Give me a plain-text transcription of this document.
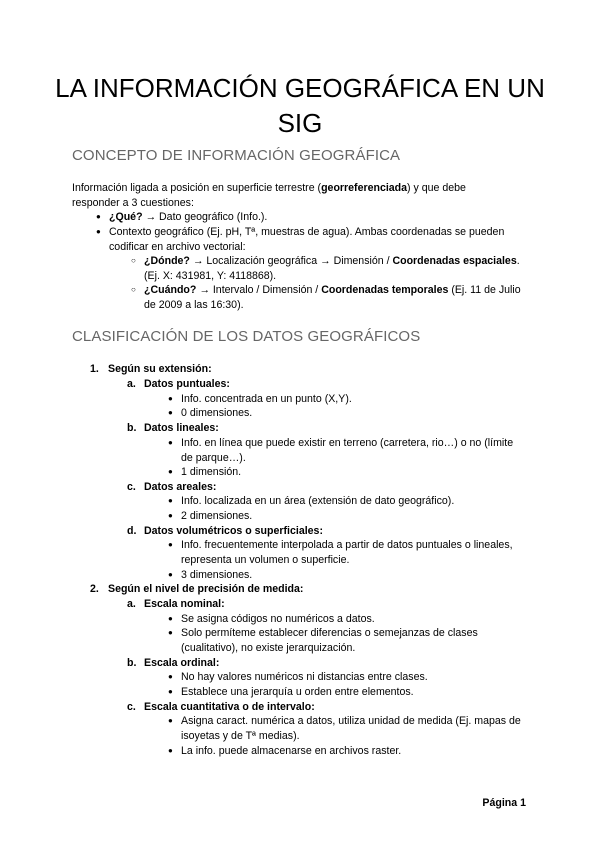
LA INFORMACIÓN GEOGRÁFICA EN UN SIG
CONCEPTO DE INFORMACIÓN GEOGRÁFICA
Información ligada a posición en superficie terrestre (georreferenciada) y que debe responder a 3 cuestiones:
● ¿Qué? → Dato geográfico (Info.).
● Contexto geográfico (Ej. pH, Tª, muestras de agua). Ambas coordenadas se pueden codificar en archivo vectorial:
○ ¿Dónde? → Localización geográfica → Dimensión / Coordenadas espaciales. (Ej. X: 431981, Y: 4118868).
○ ¿Cuándo? → Intervalo / Dimensión / Coordenadas temporales (Ej. 11 de Julio de 2009 a las 16:30).
CLASIFICACIÓN DE LOS DATOS GEOGRÁFICOS
1. Según su extensión:
a. Datos puntuales:
● Info. concentrada en un punto (X,Y).
● 0 dimensiones.
b. Datos lineales:
● Info. en línea que puede existir en terreno (carretera, rio…) o no (límite de parque…).
● 1 dimensión.
c. Datos areales:
● Info. localizada en un área (extensión de dato geográfico).
● 2 dimensiones.
d. Datos volumétricos o superficiales:
● Info. frecuentemente interpolada a partir de datos puntuales o lineales, representa un volumen o superficie.
● 3 dimensiones.
2. Según el nivel de precisión de medida:
a. Escala nominal:
● Se asigna códigos no numéricos a datos.
● Solo permíteme establecer diferencias o semejanzas de clases (cualitativo), no existe jerarquización.
b. Escala ordinal:
● No hay valores numéricos ni distancias entre clases.
● Establece una jerarquía u orden entre elementos.
c. Escala cuantitativa o de intervalo:
● Asigna caract. numérica a datos, utiliza unidad de medida (Ej. mapas de isoyetas y de Tª medias).
● La info. puede almacenarse en archivos raster.
Página 1
